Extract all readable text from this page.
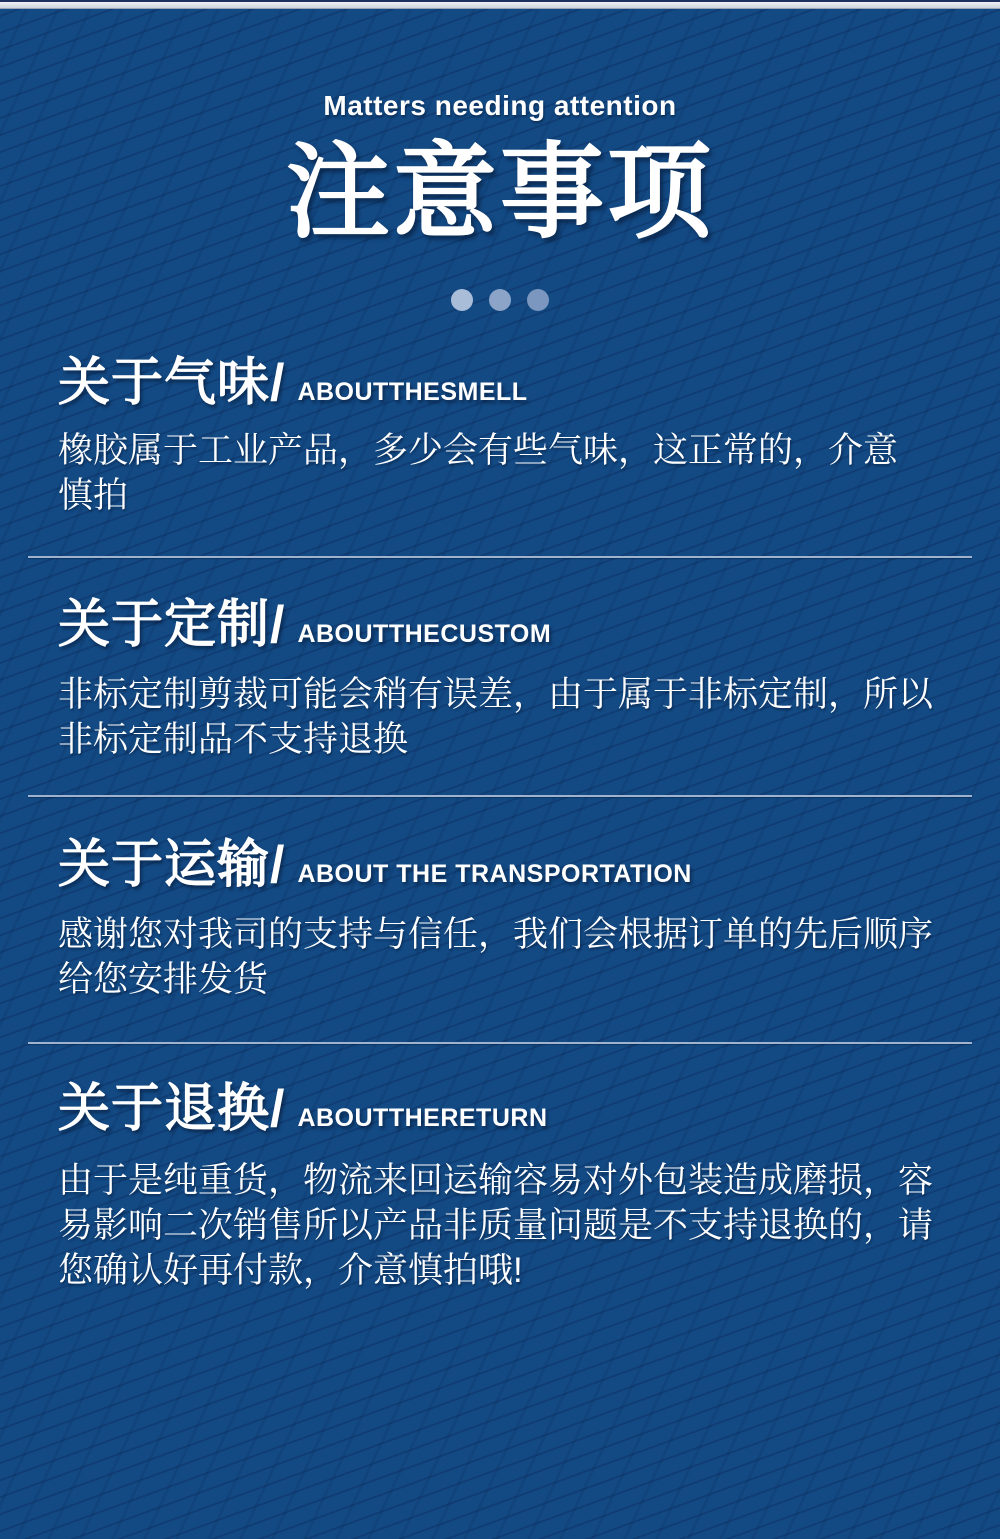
Matters needing attention
注意事项
关于气味/ ABOUTTHESMELL
橡胶属于工业产品，多少会有些气味，这正常的，介意
慎拍
关于定制/ ABOUTTHECUSTOM
非标定制剪裁可能会稍有误差，由于属于非标定制，所以
非标定制品不支持退换
关于运输/ ABOUT THE TRANSPORTATION
感谢您对我司的支持与信任，我们会根据订单的先后顺序
给您安排发货
关于退换/ ABOUTTHERETURN
由于是纯重货，物流来回运输容易对外包装造成磨损，容
易影响二次销售所以产品非质量问题是不支持退换的，请
您确认好再付款，介意慎拍哦!
